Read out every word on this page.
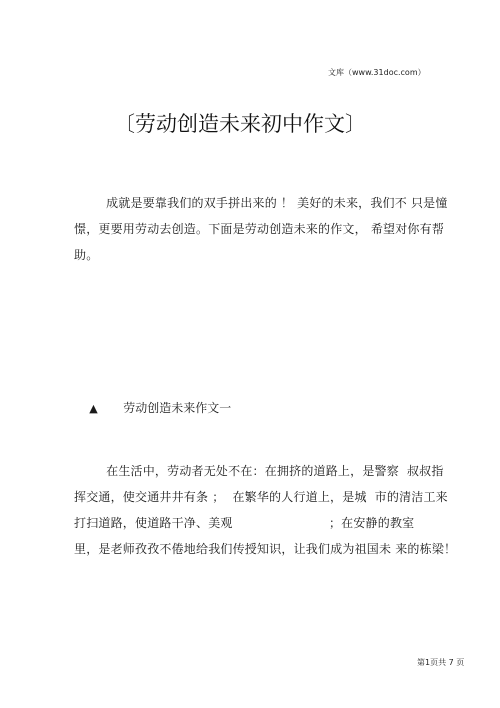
文库（www.31doc.com）
〔劳动创造未来初中作文〕
成就是要靠我们的双手拼出来的 ！ 美好的未来，我们不 只是憧
憬，更要用劳动去创造。下面是劳动创造未来的作文， 希望对你有帮
助。

▲ 劳动创造未来作文一

在生活中，劳动者无处不在：在拥挤的道路上，是警察  叔叔指
挥交通，使交通井井有条 ；  在繁华的人行道上，是城  市的清洁工来
打扫道路，使道路干净、美观                        ；在安静的教室
里，是老师孜孜不倦地给我们传授知识，让我们成为祖国未 来的栋梁！
第1页共 7 页
